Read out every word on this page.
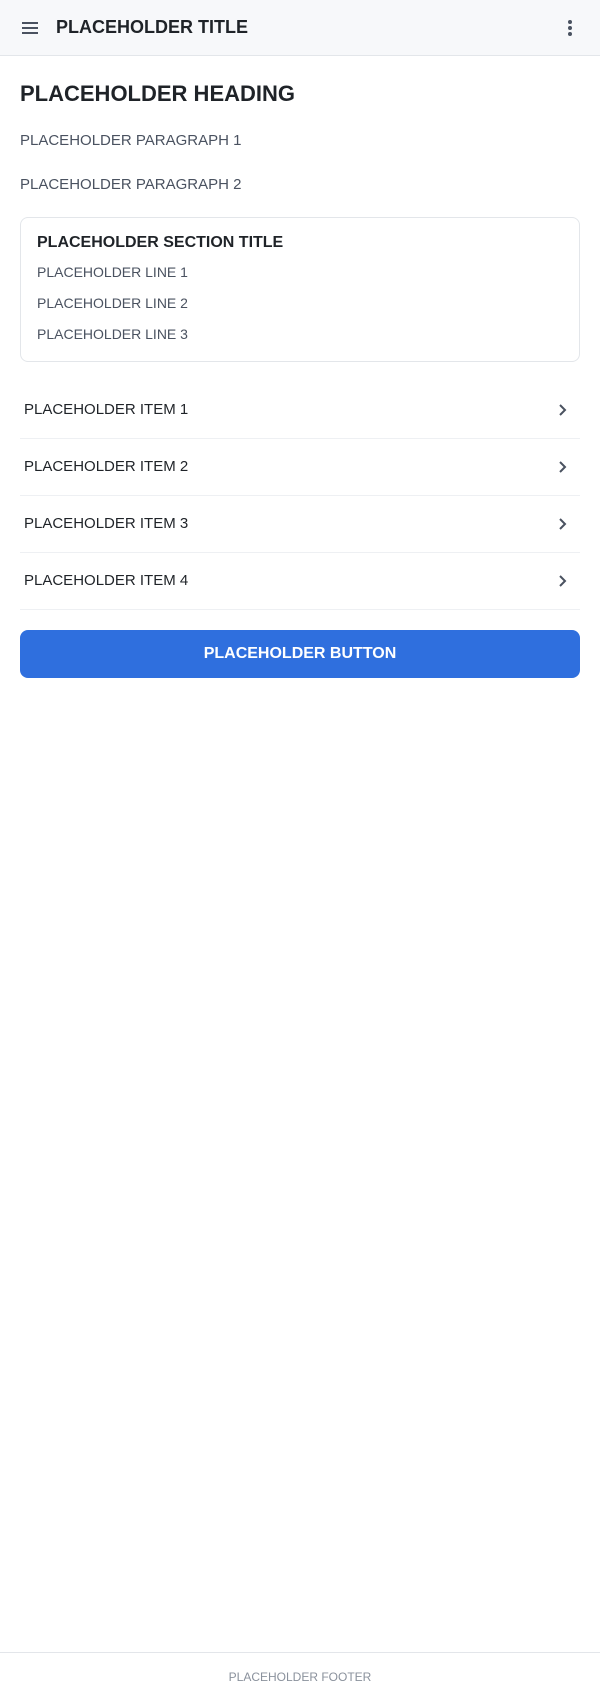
PLACEHOLDER TITLE
PLACEHOLDER HEADING

PLACEHOLDER PARAGRAPH 1

PLACEHOLDER PARAGRAPH 2

PLACEHOLDER SECTION TITLE

PLACEHOLDER LINE 1

PLACEHOLDER LINE 2

PLACEHOLDER LINE 3

PLACEHOLDER ITEM 1
PLACEHOLDER ITEM 2
PLACEHOLDER ITEM 3
PLACEHOLDER ITEM 4
PLACEHOLDER BUTTON
PLACEHOLDER FOOTER
